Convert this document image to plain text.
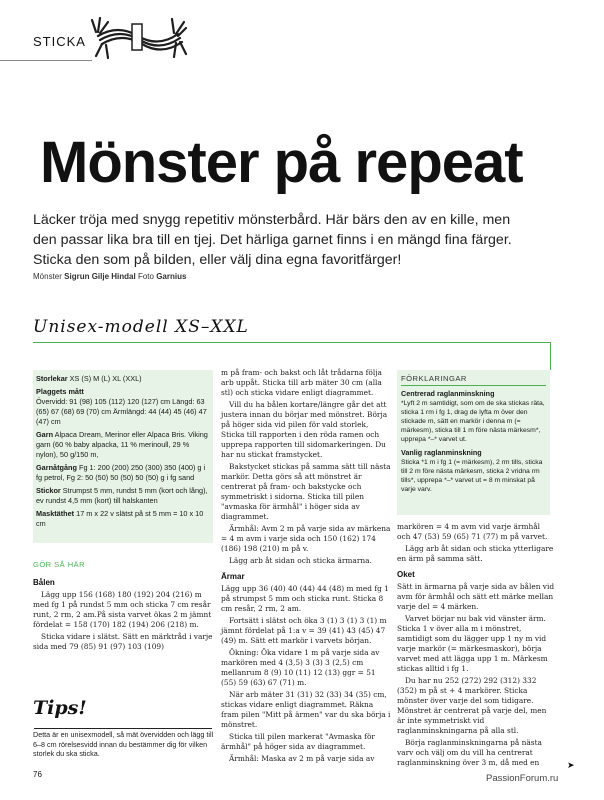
STICKA
Mönster på repeat

Läcker tröja med snygg repetitiv mönsterbård. Här bärs den av en kille, men

den passar lika bra till en tjej. Det härliga garnet finns i en mängd fina färger.

Sticka den som på bilden, eller välj dina egna favoritfärger!

Mönster Sigrun Gilje Hindal Foto Garnius
Unisex-modell XS–XXL
Storlekar XS (S) M (L) XL (XXL)
Plaggets mått
Övervidd: 91 (98) 105 (112) 120 (127) cm Längd: 63 (65) 67 (68) 69 (70) cm Ärmlängd: 44 (44) 45 (46) 47 (47) cm
Garn Alpaca Dream, Merinor eller Alpaca Bris. Viking garn (60 % baby alpacka, 11 % merinoull, 29 % nylon), 50 g/150 m,
Garnåtgång Fg 1: 200 (200) 250 (300) 350 (400) g i fg petrol, Fg 2: 50 (50) 50 (50) 50 (50) g i fg sand
Stickor Strumpst 5 mm, rundst 5 mm (kort och lång), ev rundst 4,5 mm (kort) till halskanten
Masktäthet 17 m x 22 v slätst på st 5 mm = 10 x 10 cm
GÖR SÅ HÄR
Bålen

Lägg upp 156 (168) 180 (192) 204 (216) m med fg 1 på rundst 5 mm och sticka 7 cm resår runt, 2 rm, 2 am.På sista varvet ökas 2 m jämnt fördelat = 158 (170) 182 (194) 206 (218) m.

Sticka vidare i slätst. Sätt en märktråd i varje sida med 79 (85) 91 (97) 103 (109)

m på fram- och bakst och låt trådarna följa arb uppåt. Sticka till arb mäter 30 cm (alla stl) och sticka vidare enligt diagrammet.

Vill du ha bålen kortare/längre går det att justera innan du börjar med mönstret. Börja på höger sida vid pilen för vald storlek, Sticka till rapporten i den röda ramen och upprepa rapporten till sidomarkeringen. Du har nu stickat framstycket.

Bakstycket stickas på samma sätt till nästa markör. Detta görs så att mönstret är centrerat på fram- och bakstycke och symmetriskt i sidorna. Sticka till pilen "avmaska för ärmhål" i höger sida av diagrammet.

Ärmhål: Avm 2 m på varje sida av märkena = 4 m avm i varje sida och 150 (162) 174 (186) 198 (210) m på v.

Lägg arb åt sidan och sticka ärmarna.

Ärmar

Lägg upp 36 (40) 40 (44) 44 (48) m med fg 1 på strumpst 5 mm och sticka runt. Sticka 8 cm resår, 2 rm, 2 am.

Fortsätt i slätst och öka 3 (1) 3 (1) 3 (1) m jämnt fördelat på 1:a v = 39 (41) 43 (45) 47 (49) m. Sätt ett markör i varvets början.

Ökning: Öka vidare 1 m på varje sida av markören med 4 (3,5) 3 (3) 3 (2,5) cm mellanrum 8 (9) 10 (11) 12 (13) ggr = 51 (55) 59 (63) 67 (71) m.

När arb mäter 31 (31) 32 (33) 34 (35) cm, stickas vidare enligt diagrammet. Räkna fram pilen "Mitt på ärmen" var du ska börja i mönstret.

Sticka till pilen markerat "Avmaska för ärmhål" på höger sida av diagrammet.

Ärmhål: Maska av 2 m på varje sida av

FÖRKLARINGAR
Centrerad raglanminskning

*Lyft 2 m samtidigt, som om de ska stickas räta, sticka 1 rm i fg 1, drag de lyfta m över den stickade m, sätt en markör i denna m (= märkesm), sticka till 1 m före nästa märkesm*, upprepa *–* varvet ut.

Vanlig raglanminskning

Sticka *1 m i fg 1 (= märkesm), 2 rm tills, sticka till 2 m före nästa märkesm, sticka 2 vridna rm tills*, upprepa *–* varvet ut = 8 m minskat på varje varv.

markören = 4 m avm vid varje ärmhål och 47 (53) 59 (65) 71 (77) m på varvet.

Lägg arb åt sidan och sticka ytterligare en ärm på samma sätt.

Oket

Sätt in ärmarna på varje sida av bålen vid avm för ärmhål och sätt ett märke mellan varje del = 4 märken.

Varvet börjar nu bak vid vänster ärm. Sticka 1 v över alla m i mönstret, samtidigt som du lägger upp 1 ny m vid varje markör (= märkesmaskor), börja varvet med att lägga upp 1 m. Märkesm stickas alltid i fg 1.

Du har nu 252 (272) 292 (312) 332 (352) m på st + 4 markörer. Sticka mönster över varje del som tidigare. Mönstret är centrerat på varje del, men är inte symmetriskt vid raglanminskningarna på alla stl.

Börja raglanminskningarna på nästa varv och välj om du vill ha centrerat raglanminskning över 3 m, då med en

Tips!
Detta är en unisexmodell, så mät övervidden och lägg till 6–8 cm rörelsesvidd innan du bestämmer dig för vilken storlek du ska sticka.
76
➤
PassionForum.ru
